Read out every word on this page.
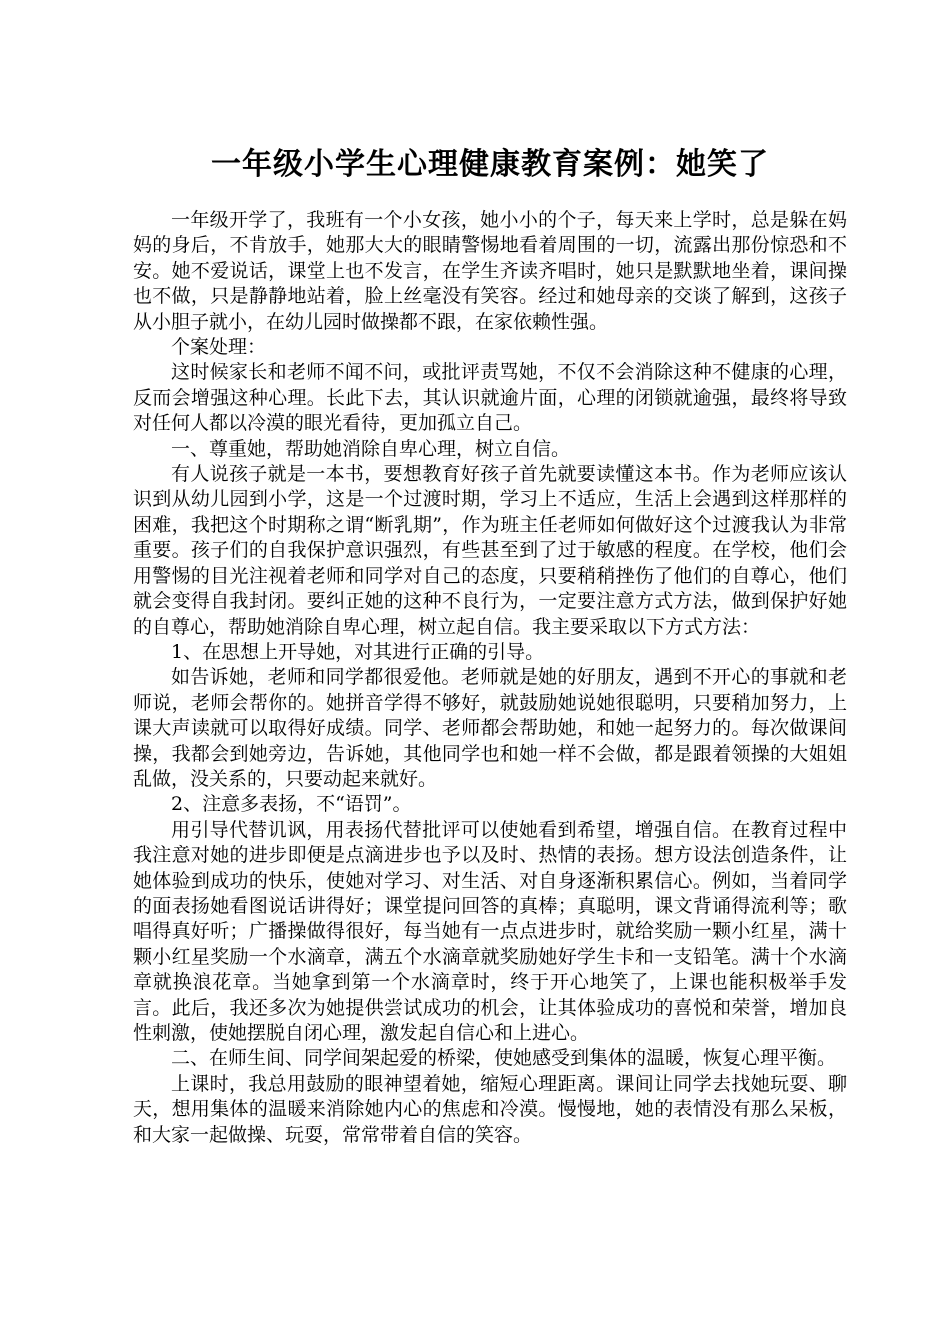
一年级小学生心理健康教育案例：她笑了

一年级开学了，我班有一个小女孩，她小小的个子，每天来上学时，总是躲在妈妈的身后，不肯放手，她那大大的眼睛警惕地看着周围的一切，流露出那份惊恐和不安。她不爱说话，课堂上也不发言，在学生齐读齐唱时，她只是默默地坐着，课间操也不做，只是静静地站着，脸上丝毫没有笑容。经过和她母亲的交谈了解到，这孩子从小胆子就小，在幼儿园时做操都不跟，在家依赖性强。

个案处理：

这时候家长和老师不闻不问，或批评责骂她，不仅不会消除这种不健康的心理，反而会增强这种心理。长此下去，其认识就逾片面，心理的闭锁就逾强，最终将导致对任何人都以冷漠的眼光看待，更加孤立自己。

一、尊重她，帮助她消除自卑心理，树立自信。

有人说孩子就是一本书，要想教育好孩子首先就要读懂这本书。作为老师应该认识到从幼儿园到小学，这是一个过渡时期，学习上不适应，生活上会遇到这样那样的困难，我把这个时期称之谓“断乳期”，作为班主任老师如何做好这个过渡我认为非常重要。孩子们的自我保护意识强烈，有些甚至到了过于敏感的程度。在学校，他们会用警惕的目光注视着老师和同学对自己的态度，只要稍稍挫伤了他们的自尊心，他们就会变得自我封闭。要纠正她的这种不良行为，一定要注意方式方法，做到保护好她的自尊心，帮助她消除自卑心理，树立起自信。我主要采取以下方式方法：

1、在思想上开导她，对其进行正确的引导。

如告诉她，老师和同学都很爱他。老师就是她的好朋友，遇到不开心的事就和老师说，老师会帮你的。她拼音学得不够好，就鼓励她说她很聪明，只要稍加努力，上课大声读就可以取得好成绩。同学、老师都会帮助她，和她一起努力的。每次做课间操，我都会到她旁边，告诉她，其他同学也和她一样不会做，都是跟着领操的大姐姐乱做，没关系的，只要动起来就好。

2、注意多表扬，不“语罚”。

用引导代替讥讽，用表扬代替批评可以使她看到希望，增强自信。在教育过程中我注意对她的进步即便是点滴进步也予以及时、热情的表扬。想方设法创造条件，让她体验到成功的快乐，使她对学习、对生活、对自身逐渐积累信心。例如，当着同学的面表扬她看图说话讲得好；课堂提问回答的真棒；真聪明，课文背诵得流利等；歌唱得真好听；广播操做得很好，每当她有一点点进步时，就给奖励一颗小红星，满十颗小红星奖励一个水滴章，满五个水滴章就奖励她好学生卡和一支铅笔。满十个水滴章就换浪花章。当她拿到第一个水滴章时，终于开心地笑了，上课也能积极举手发言。此后，我还多次为她提供尝试成功的机会，让其体验成功的喜悦和荣誉，增加良性刺激，使她摆脱自闭心理，激发起自信心和上进心。

二、在师生间、同学间架起爱的桥梁，使她感受到集体的温暖，恢复心理平衡。

上课时，我总用鼓励的眼神望着她，缩短心理距离。课间让同学去找她玩耍、聊天，想用集体的温暖来消除她内心的焦虑和冷漠。慢慢地，她的表情没有那么呆板，和大家一起做操、玩耍，常常带着自信的笑容。
